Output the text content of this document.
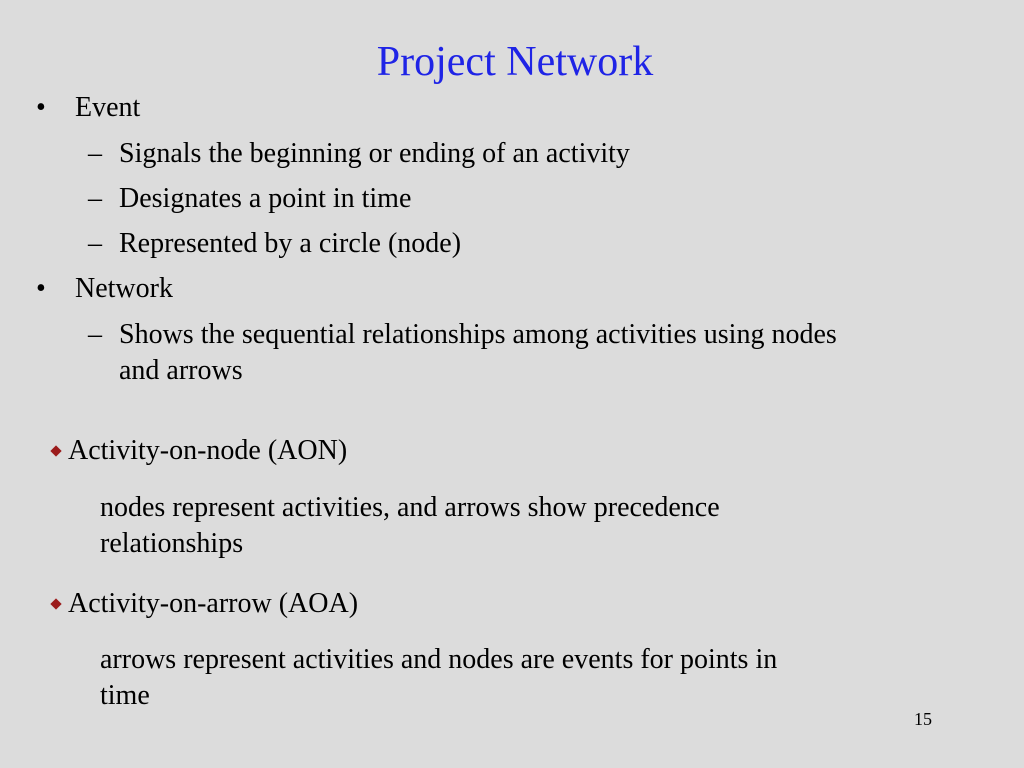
Project Network
• Event
– Signals the beginning or ending of an activity
– Designates a point in time
– Represented by a circle (node)
• Network
– Shows the sequential relationships among activities using nodes
and arrows
Activity-on-node (AON)
nodes represent activities, and arrows show precedence
relationships
Activity-on-arrow (AOA)
arrows represent activities and nodes are events for points in
time
15
